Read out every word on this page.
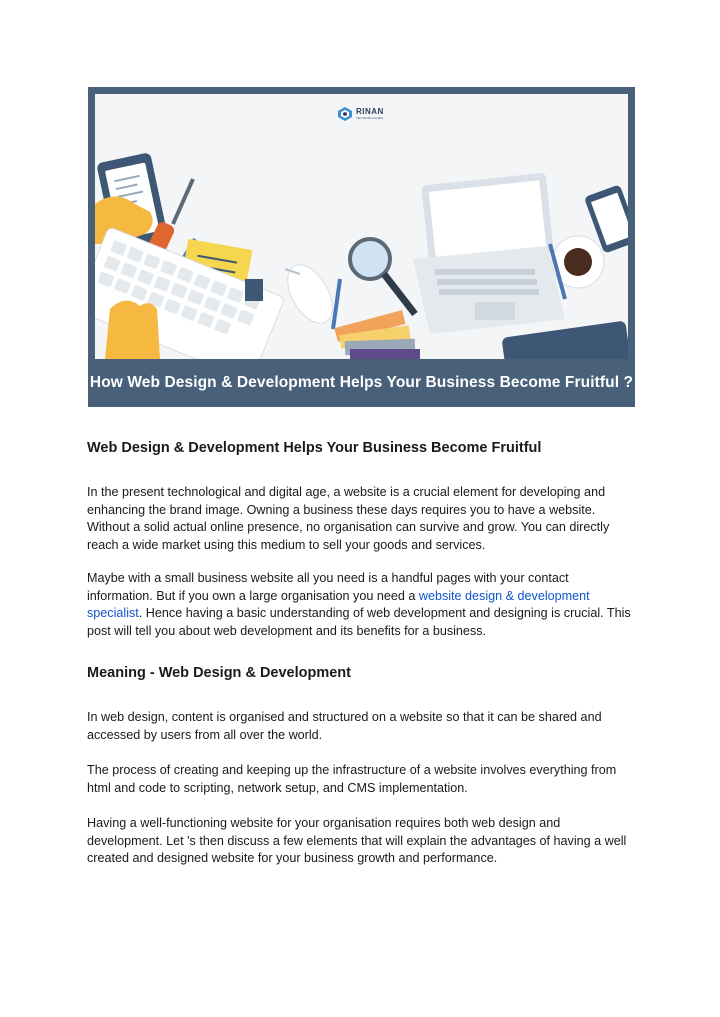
RINAN
TECHNOLOGIES
How Web Design & Development Helps Your Business Become Fruitful ?
Web Design & Development Helps Your Business Become Fruitful

In the present technological and digital age, a website is a crucial element for developing and enhancing the brand image. Owning a business these days requires you to have a website. Without a solid actual online presence, no organisation can survive and grow. You can directly reach a wide market using this medium to sell your goods and services.

Maybe with a small business website all you need is a handful pages with your contact information. But if you own a large organisation you need a website design & development specialist. Hence having a basic understanding of web development and designing is crucial. This post will tell you about web development and its benefits for a business.

Meaning - Web Design & Development

In web design, content is organised and structured on a website so that it can be shared and accessed by users from all over the world.

The process of creating and keeping up the infrastructure of a website involves everything from html and code to scripting, network setup, and CMS implementation.

Having a well-functioning website for your organisation requires both web design and development. Let 's then discuss a few elements that will explain the advantages of having a well created and designed website for your business growth and performance.
